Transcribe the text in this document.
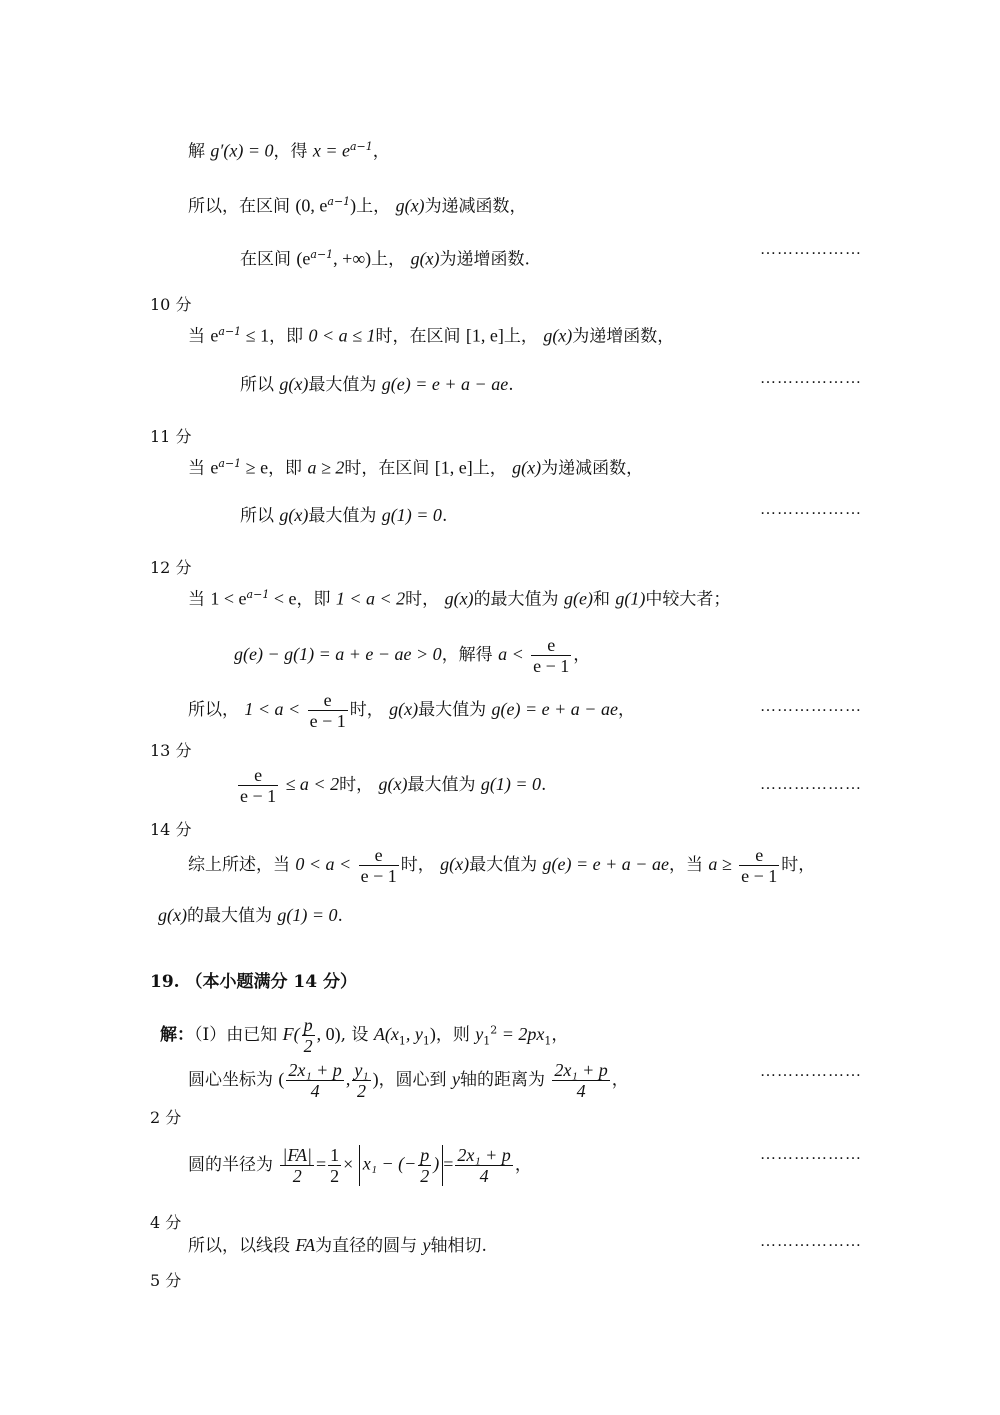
解 g′(x) = 0，得 $x = e^{a-1}$，
所以，在区间 (0, $e^{a-1}$)上， g(x)为递减函数，
在区间 ($e^{a-1}$, +∞)上， g(x)为递增函数.
………………
10 分
当 $e^{a-1} \le 1$，即 0 < a ≤ 1时，在区间 [1, e]上， g(x)为递增函数，
所以 g(x)最大值为 g(e) = e + a − ae.	………………
11 分
当 $e^{a-1} \ge e$，即 a ≥ 2时，在区间 [1, e]上， g(x)为递减函数，
所以 g(x)最大值为 g(1) = 0.	………………
12 分
当 $1 < e^{a-1} < e$，即 1 < a < 2时， g(x)的最大值为 g(e)和 g(1)中较大者；
g(e) − g(1) = a + e − ae > 0，解得 $a < \frac{e}{e - 1}$ ，
所以， $1 < a < \frac{e}{e - 1}$ 时， g(x)最大值为 g(e) = e + a − ae，	………………
13 分
$\frac{e}{e - 1} \le a < 2$时， g(x)最大值为 g(1) = 0.	………………
14 分
综上所述，当 $0 < a < \frac{e}{e - 1}$ 时， g(x)最大值为 g(e) = e + a − ae，当 $a \ge \frac{e}{e - 1}$ 时，
g(x)的最大值为 g(1) = 0.
19. （本小题满分 14 分）
解：（Ⅰ）由已知 $F( \frac{p}{2}$ , 0), 设 $A(x_1$, $y_1$)，则 $y_1^2 = 2px_1$，
圆心坐标为 ( $\frac{\text{2x₁ + p}}{4}$ , $\frac{\text{y₁}}{2}$ )，圆心到 y轴的距离为 $\frac{\text{2x₁ + p}}{4}$ ，	………………
2 分
圆的半径为 $\frac{|FA|}{2} = \frac{1}{2} \times x_1$ − (− $\frac{p}{2}$ ) = $\frac{\text{2x₁ + p}}{4}$ ，
………………
4 分
所以，以线段 FA为直径的圆与 y轴相切.	………………
5 分
